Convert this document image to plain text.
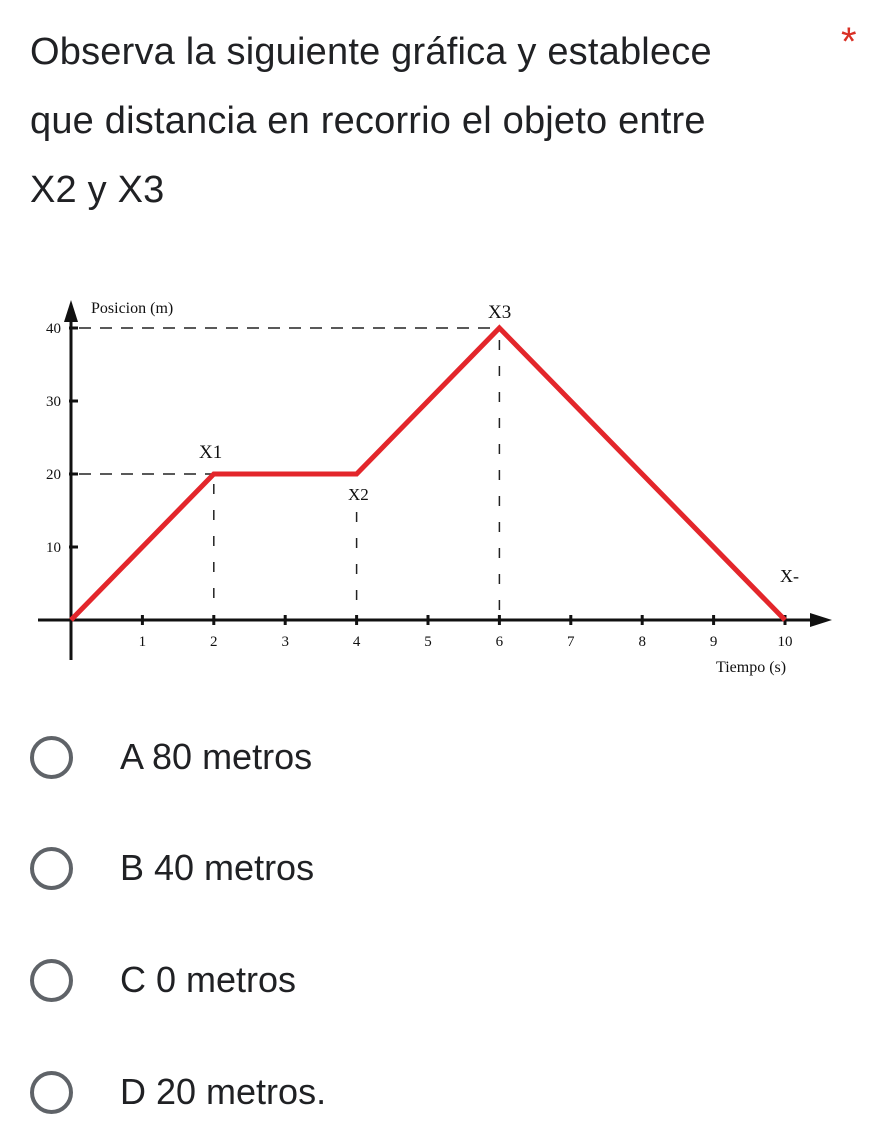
Observa la siguiente gráfica y establece
que distancia en recorrio el objeto entre
X2 y X3
*
Posicion (m)
Tiempo (s)
10
20
30
40
1	2	3	4	5	6	7	8	9	10
X1
X2
X3
X-
A 80 metros
B 40 metros
C 0 metros
D 20 metros.
